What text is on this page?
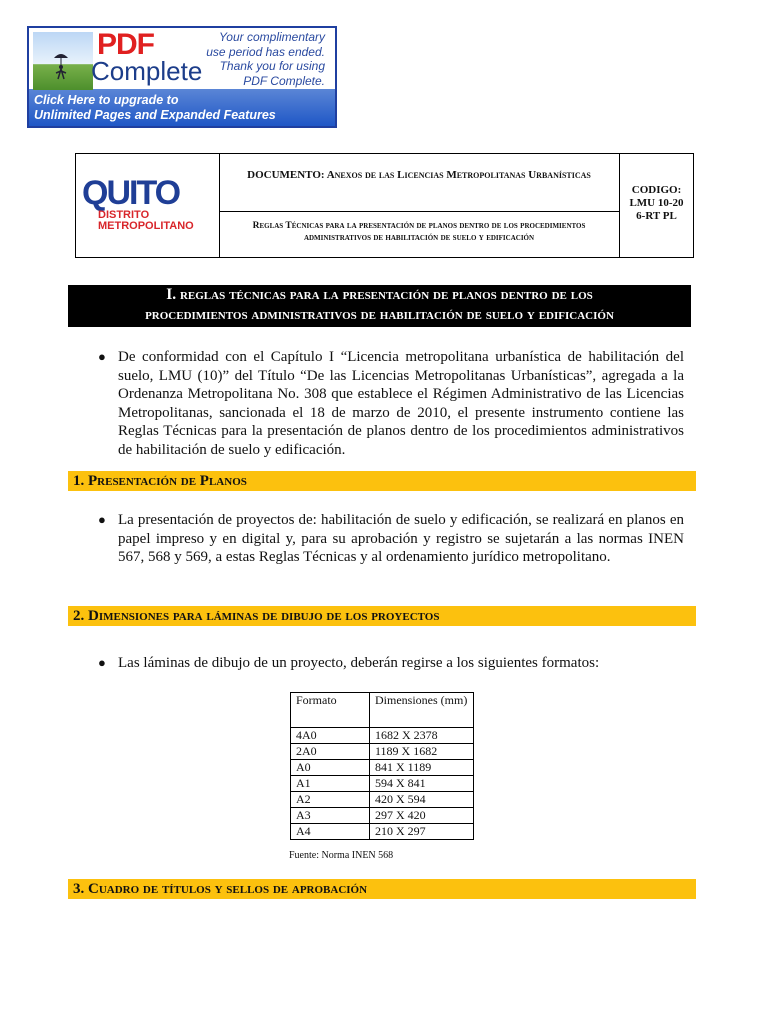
PDF
Complete
Your complimentary
use period has ended.
Thank you for using
PDF Complete.
Click Here to upgrade to
Unlimited Pages and Expanded Features
QUITO
DISTRITO
METROPOLITANO
DOCUMENTO: Anexos de las Licencias Metropolitanas Urbanísticas
Reglas Técnicas para la presentación de planos dentro de los procedimientos administrativos de habilitación de suelo y edificación
CODIGO:
LMU 10-20
6-RT PL
I. reglas técnicas para la presentación de planos dentro de los
procedimientos administrativos de habilitación de suelo y edificación
● De conformidad con el Capítulo I “Licencia metropolitana urbanística de habilitación del suelo, LMU (10)” del Título “De las Licencias Metropolitanas Urbanísticas”, agregada a la Ordenanza Metropolitana No. 308 que establece el Régimen Administrativo de las Licencias Metropolitanas, sancionada el 18 de marzo de 2010, el presente instrumento contiene las Reglas Técnicas para la presentación de planos dentro de los procedimientos administrativos de habilitación de suelo y edificación.
1. Presentación de Planos
● La presentación de proyectos de: habilitación de suelo y edificación, se realizará en planos en papel impreso y en digital y, para su aprobación y registro se sujetarán a las normas INEN 567, 568 y 569, a estas Reglas Técnicas y al ordenamiento jurídico metropolitano.
2. Dimensiones para láminas de dibujo de los proyectos
● Las láminas de dibujo de un proyecto, deberán regirse a los siguientes formatos:
Formato	Dimensiones (mm)
4A0	1682 X 2378
2A0	1189 X 1682
A0	841 X 1189
A1	594 X 841
A2	420 X 594
A3	297 X 420
A4	210 X 297
Fuente: Norma INEN 568
3. Cuadro de títulos y sellos de aprobación
